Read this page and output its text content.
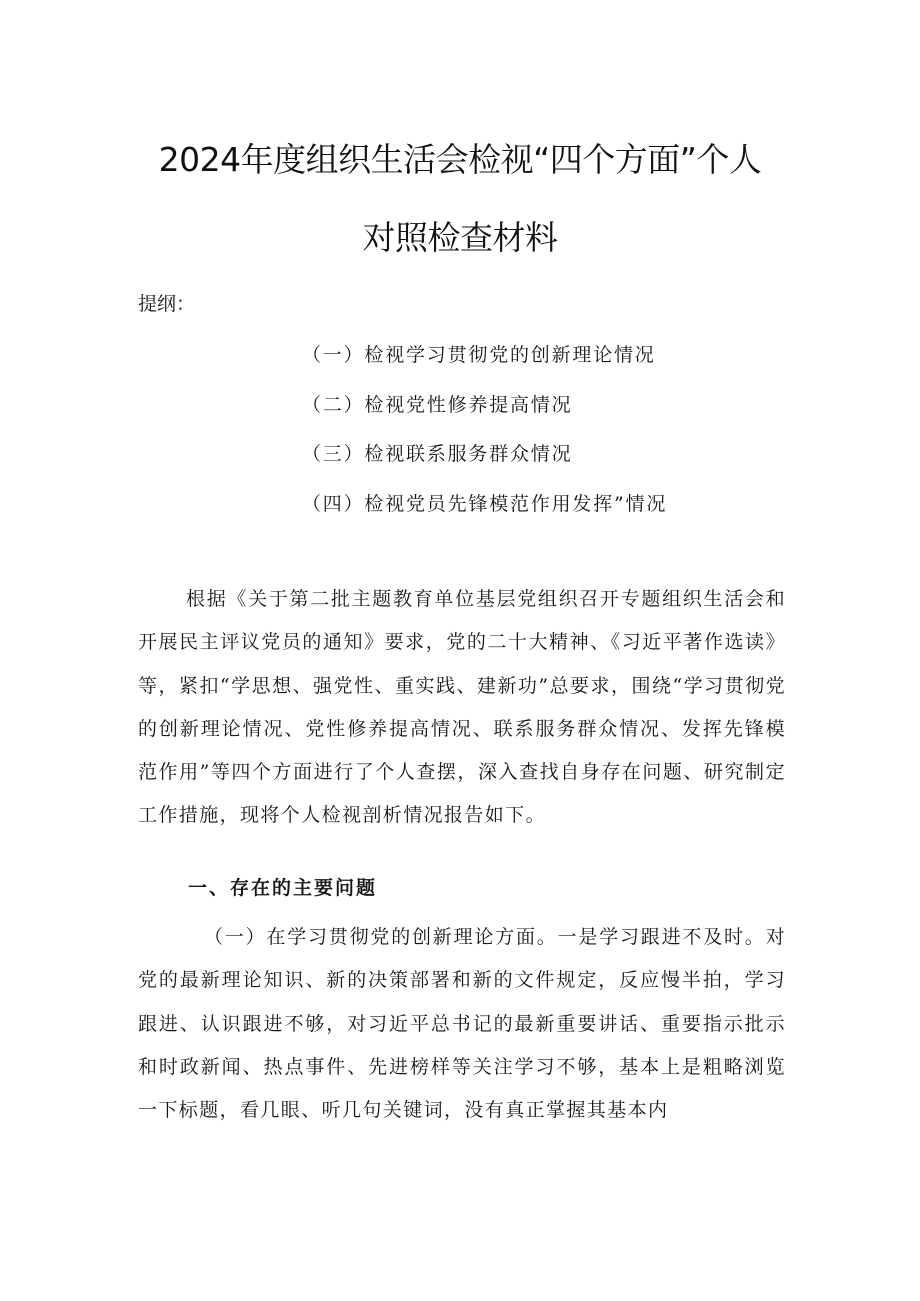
2024年度组织生活会检视“四个方面”个人
对照检查材料
提纲：
（一）检视学习贯彻党的创新理论情况
（二）检视党性修养提高情况
（三）检视联系服务群众情况
（四）检视党员先锋模范作用发挥”情况

根据《关于第二批主题教育单位基层党组织召开专题组织生活会和开展民主评议党员的通知》要求，党的二十大精神、《习近平著作选读》等，紧扣“学思想、强党性、重实践、建新功”总要求，围绕“学习贯彻党的创新理论情况、党性修养提高情况、联系服务群众情况、发挥先锋模范作用”等四个方面进行了个人查摆，深入查找自身存在问题、研究制定工作措施，现将个人检视剖析情况报告如下。

一、存在的主要问题

（一）在学习贯彻党的创新理论方面。一是学习跟进不及时。对党的最新理论知识、新的决策部署和新的文件规定，反应慢半拍，学习跟进、认识跟进不够，对习近平总书记的最新重要讲话、重要指示批示和时政新闻、热点事件、先进榜样等关注学习不够，基本上是粗略浏览一下标题，看几眼、听几句关键词，没有真正掌握其基本内
